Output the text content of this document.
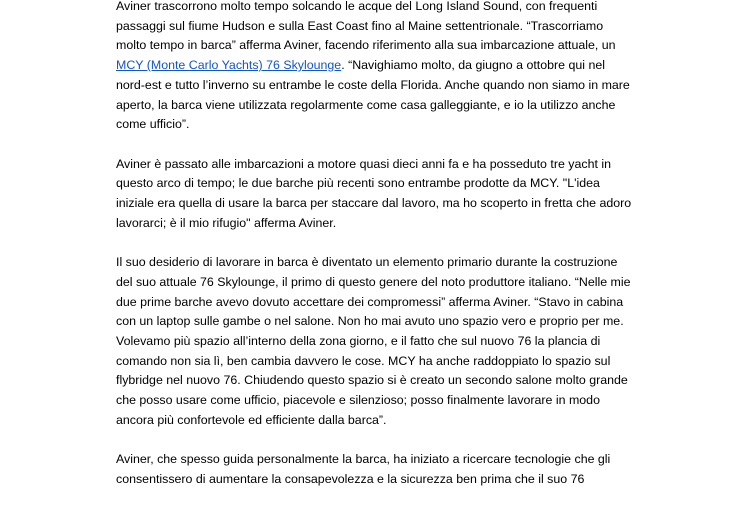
Aviner trascorrono molto tempo solcando le acque del Long Island Sound, con frequenti passaggi sul fiume Hudson e sulla East Coast fino al Maine settentrionale. “Trascorriamo molto tempo in barca” afferma Aviner, facendo riferimento alla sua imbarcazione attuale, un MCY (Monte Carlo Yachts) 76 Skylounge. “Navighiamo molto, da giugno a ottobre qui nel nord-est e tutto l’inverno su entrambe le coste della Florida. Anche quando non siamo in mare aperto, la barca viene utilizzata regolarmente come casa galleggiante, e io la utilizzo anche come ufficio”.

Aviner è passato alle imbarcazioni a motore quasi dieci anni fa e ha posseduto tre yacht in questo arco di tempo; le due barche più recenti sono entrambe prodotte da MCY. "L'idea iniziale era quella di usare la barca per staccare dal lavoro, ma ho scoperto in fretta che adoro lavorarci; è il mio rifugio" afferma Aviner.

Il suo desiderio di lavorare in barca è diventato un elemento primario durante la costruzione del suo attuale 76 Skylounge, il primo di questo genere del noto produttore italiano. “Nelle mie due prime barche avevo dovuto accettare dei compromessi” afferma Aviner. “Stavo in cabina con un laptop sulle gambe o nel salone. Non ho mai avuto uno spazio vero e proprio per me. Volevamo più spazio all’interno della zona giorno, e il fatto che sul nuovo 76 la plancia di comando non sia lì, ben cambia davvero le cose. MCY ha anche raddoppiato lo spazio sul flybridge nel nuovo 76. Chiudendo questo spazio si è creato un secondo salone molto grande che posso usare come ufficio, piacevole e silenzioso; posso finalmente lavorare in modo ancora più confortevole ed efficiente dalla barca”.

Aviner, che spesso guida personalmente la barca, ha iniziato a ricercare tecnologie che gli consentissero di aumentare la consapevolezza e la sicurezza ben prima che il suo 76
